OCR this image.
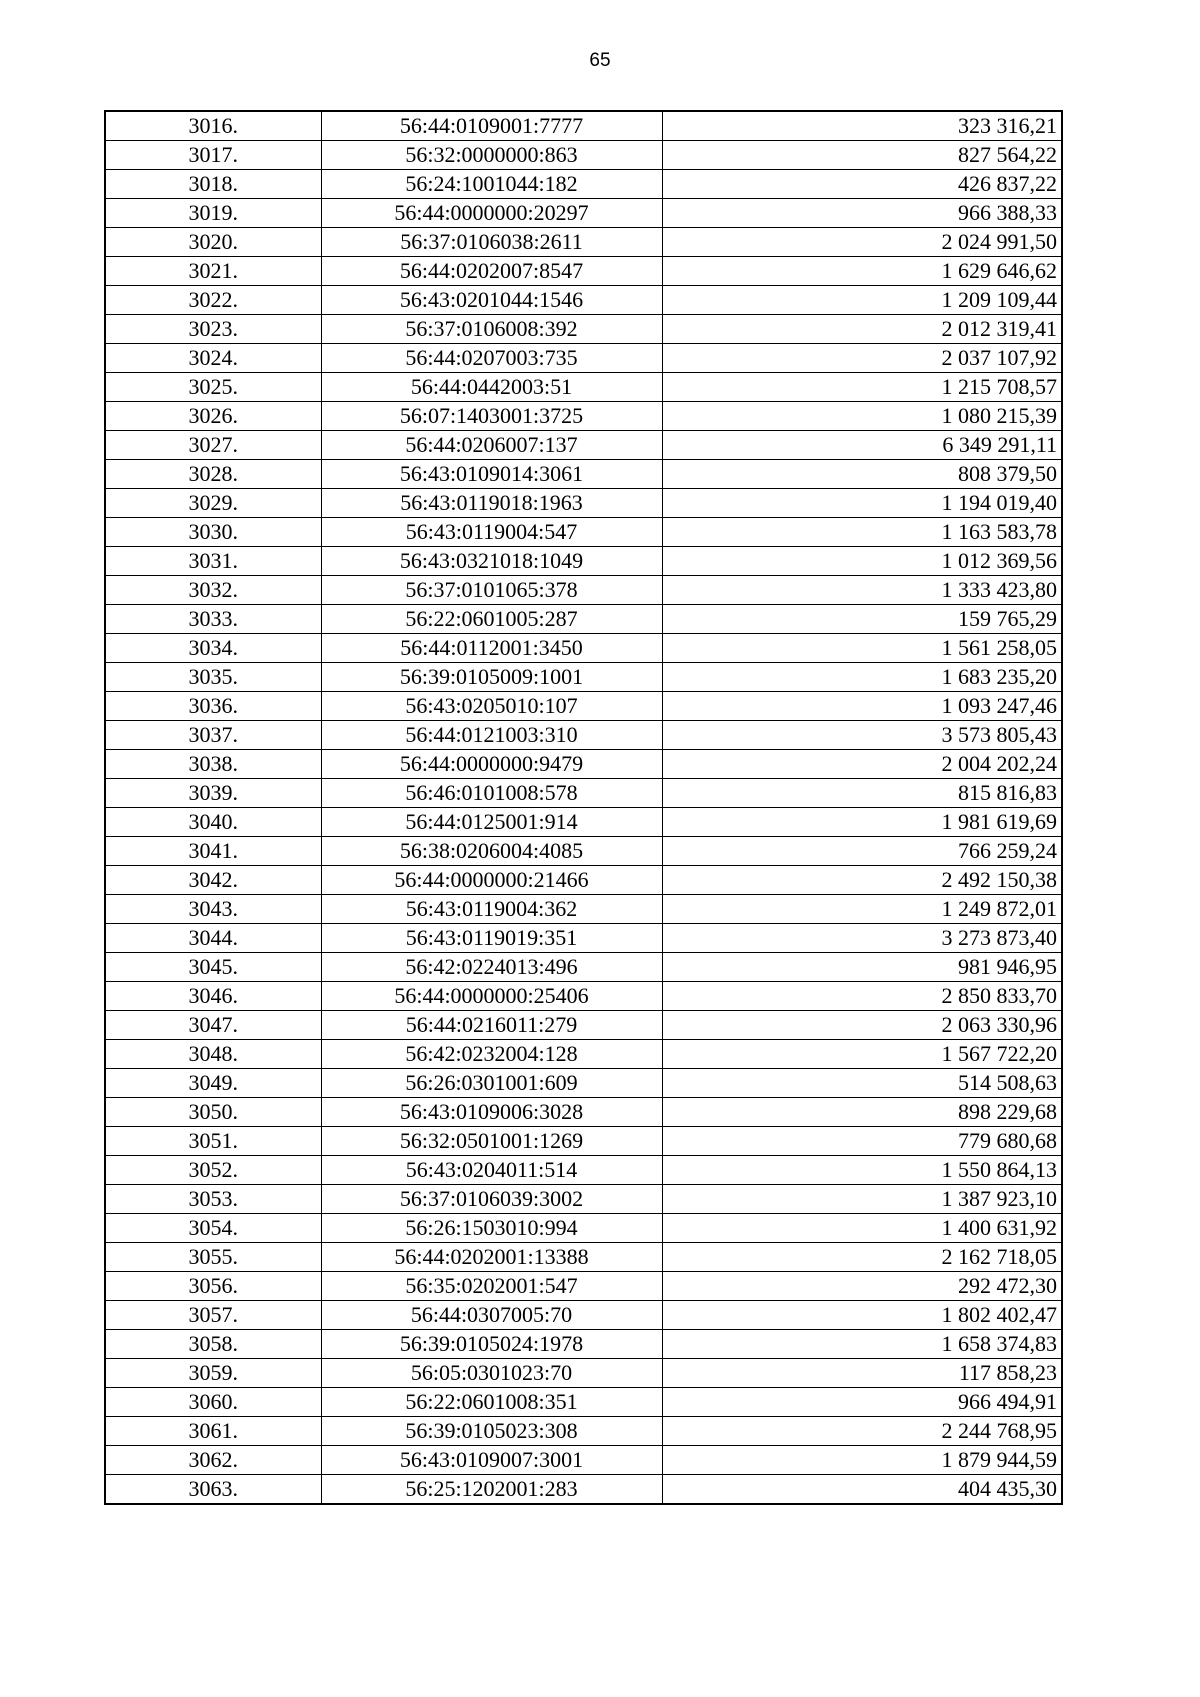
65
3016.	56:44:0109001:7777	323 316,21
3017.	56:32:0000000:863	827 564,22
3018.	56:24:1001044:182	426 837,22
3019.	56:44:0000000:20297	966 388,33
3020.	56:37:0106038:2611	2 024 991,50
3021.	56:44:0202007:8547	1 629 646,62
3022.	56:43:0201044:1546	1 209 109,44
3023.	56:37:0106008:392	2 012 319,41
3024.	56:44:0207003:735	2 037 107,92
3025.	56:44:0442003:51	1 215 708,57
3026.	56:07:1403001:3725	1 080 215,39
3027.	56:44:0206007:137	6 349 291,11
3028.	56:43:0109014:3061	808 379,50
3029.	56:43:0119018:1963	1 194 019,40
3030.	56:43:0119004:547	1 163 583,78
3031.	56:43:0321018:1049	1 012 369,56
3032.	56:37:0101065:378	1 333 423,80
3033.	56:22:0601005:287	159 765,29
3034.	56:44:0112001:3450	1 561 258,05
3035.	56:39:0105009:1001	1 683 235,20
3036.	56:43:0205010:107	1 093 247,46
3037.	56:44:0121003:310	3 573 805,43
3038.	56:44:0000000:9479	2 004 202,24
3039.	56:46:0101008:578	815 816,83
3040.	56:44:0125001:914	1 981 619,69
3041.	56:38:0206004:4085	766 259,24
3042.	56:44:0000000:21466	2 492 150,38
3043.	56:43:0119004:362	1 249 872,01
3044.	56:43:0119019:351	3 273 873,40
3045.	56:42:0224013:496	981 946,95
3046.	56:44:0000000:25406	2 850 833,70
3047.	56:44:0216011:279	2 063 330,96
3048.	56:42:0232004:128	1 567 722,20
3049.	56:26:0301001:609	514 508,63
3050.	56:43:0109006:3028	898 229,68
3051.	56:32:0501001:1269	779 680,68
3052.	56:43:0204011:514	1 550 864,13
3053.	56:37:0106039:3002	1 387 923,10
3054.	56:26:1503010:994	1 400 631,92
3055.	56:44:0202001:13388	2 162 718,05
3056.	56:35:0202001:547	292 472,30
3057.	56:44:0307005:70	1 802 402,47
3058.	56:39:0105024:1978	1 658 374,83
3059.	56:05:0301023:70	117 858,23
3060.	56:22:0601008:351	966 494,91
3061.	56:39:0105023:308	2 244 768,95
3062.	56:43:0109007:3001	1 879 944,59
3063.	56:25:1202001:283	404 435,30
